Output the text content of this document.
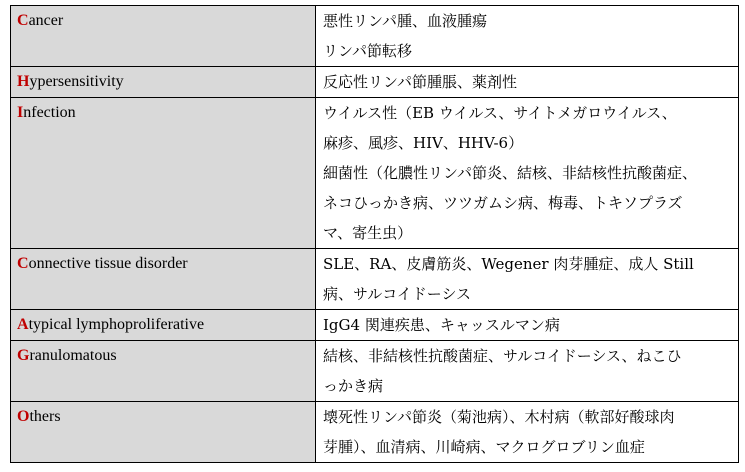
Cancer	悪性リンパ腫、血液腫瘍
リンパ節転移

Hypersensitivity	反応性リンパ節腫脹、薬剤性

Infection	ウイルス性（EB ウイルス、サイトメガロウイルス、
麻疹、風疹、HIV、HHV-6）
細菌性（化膿性リンパ節炎、結核、非結核性抗酸菌症、
ネコひっかき病、ツツガムシ病、梅毒、トキソプラズ
マ、寄生虫）

Connective tissue disorder	SLE、RA、皮膚筋炎、Wegener 肉芽腫症、成人 Still
病、サルコイドーシス

Atypical lymphoproliferative	IgG4 関連疾患、キャッスルマン病

Granulomatous	結核、非結核性抗酸菌症、サルコイドーシス、ねこひ
っかき病

Others	壊死性リンパ節炎（菊池病）、木村病（軟部好酸球肉
芽腫）、血清病、川崎病、マクログロブリン血症
